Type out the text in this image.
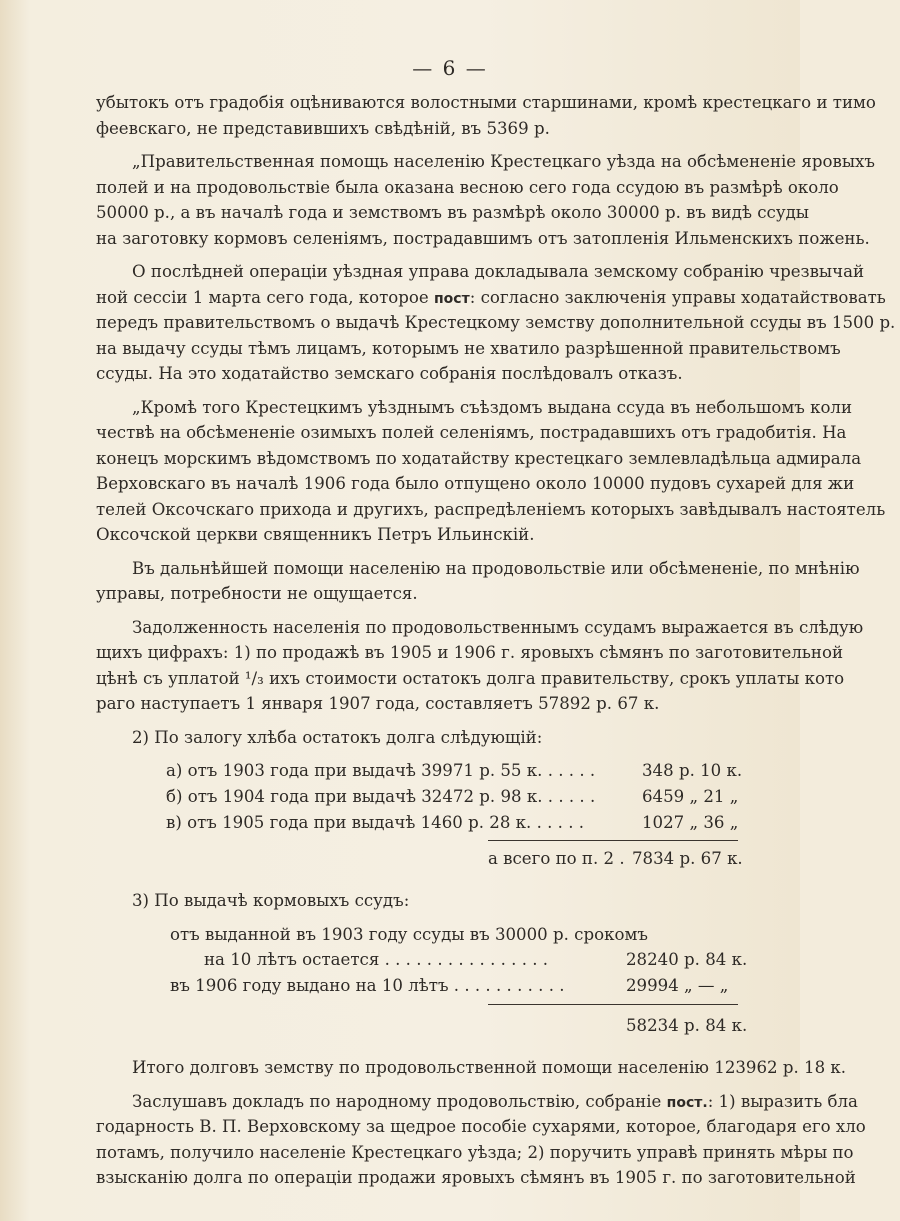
— 6 —
убытокъ отъ градобія оцѣниваются волостными старшинами, кромѣ крестецкаго и тимо
феевскаго, не представившихъ свѣдѣній, въ 5369 р.
„Правительственная помощь населенію Крестецкаго уѣзда на обсѣмененіе яровыхъ
полей и на продовольствіе была оказана весною сего года ссудою въ размѣрѣ около
50000 р., а въ началѣ года и земствомъ въ размѣрѣ около 30000 р. въ видѣ ссуды
на заготовку кормовъ селеніямъ, пострадавшимъ отъ затопленія Ильменскихъ пожень.
О послѣдней операціи уѣздная управа докладывала земскому собранію чрезвычай
ной сессіи 1 марта сего года, которое пост: согласно заключенія управы ходатайствовать
передъ правительствомъ о выдачѣ Крестецкому земству дополнительной ссуды въ 1500 р.
на выдачу ссуды тѣмъ лицамъ, которымъ не хватило разрѣшенной правительствомъ
ссуды. На это ходатайство земскаго собранія послѣдовалъ отказъ.
„Кромѣ того Крестецкимъ уѣзднымъ съѣздомъ выдана ссуда въ небольшомъ коли
чествѣ на обсѣмененіе озимыхъ полей селеніямъ, пострадавшихъ отъ градобитія. На
конецъ морскимъ вѣдомствомъ по ходатайству крестецкаго землевладѣльца адмирала
Верховскаго въ началѣ 1906 года было отпущено около 10000 пудовъ сухарей для жи
телей Оксочскаго прихода и другихъ, распредѣленіемъ которыхъ завѣдывалъ настоятель
Оксочской церкви священникъ Петръ Ильинскій.
Въ дальнѣйшей помощи населенію на продовольствіе или обсѣмененіе, по мнѣнію
управы, потребности не ощущается.
Задолженность населенія по продовольственнымъ ссудамъ выражается въ слѣдую
щихъ цифрахъ: 1) по продажѣ въ 1905 и 1906 г. яровыхъ сѣмянъ по заготовительной
цѣнѣ съ уплатой ¹/₃ ихъ стоимости остатокъ долга правительству, срокъ уплаты кото
раго наступаетъ 1 января 1907 года, составляетъ 57892 р. 67 к.
2) По залогу хлѣба остатокъ долга слѣдующій:
а) отъ 1903 года при выдачѣ 39971 р. 55 к. . . . . .	348 р. 10 к.
б) отъ 1904 года при выдачѣ 32472 р. 98 к. . . . . .	6459 „ 21 „
в) отъ 1905 года при выдачѣ 1460 р. 28 к. . . . . .	1027 „ 36 „
а всего по п. 2 . 7834 р. 67 к.
3) По выдачѣ кормовыхъ ссудъ:
отъ выданной въ 1903 году ссуды въ 30000 р. срокомъ
на 10 лѣтъ остается . . . . . . . . . . . . . . . .	28240 р. 84 к.
въ 1906 году выдано на 10 лѣтъ . . . . . . . . . . .	29994 „ — „
58234 р. 84 к.
Итого долговъ земству по продовольственной помощи населенію 123962 р. 18 к.
Заслушавъ докладъ по народному продовольствію, собраніе пост.: 1) выразить бла
годарность В. П. Верховскому за щедрое пособіе сухарями, которое, благодаря его хло
потамъ, получило населеніе Крестецкаго уѣзда; 2) поручить управѣ принять мѣры по
взысканію долга по операціи продажи яровыхъ сѣмянъ въ 1905 г. по заготовительной
